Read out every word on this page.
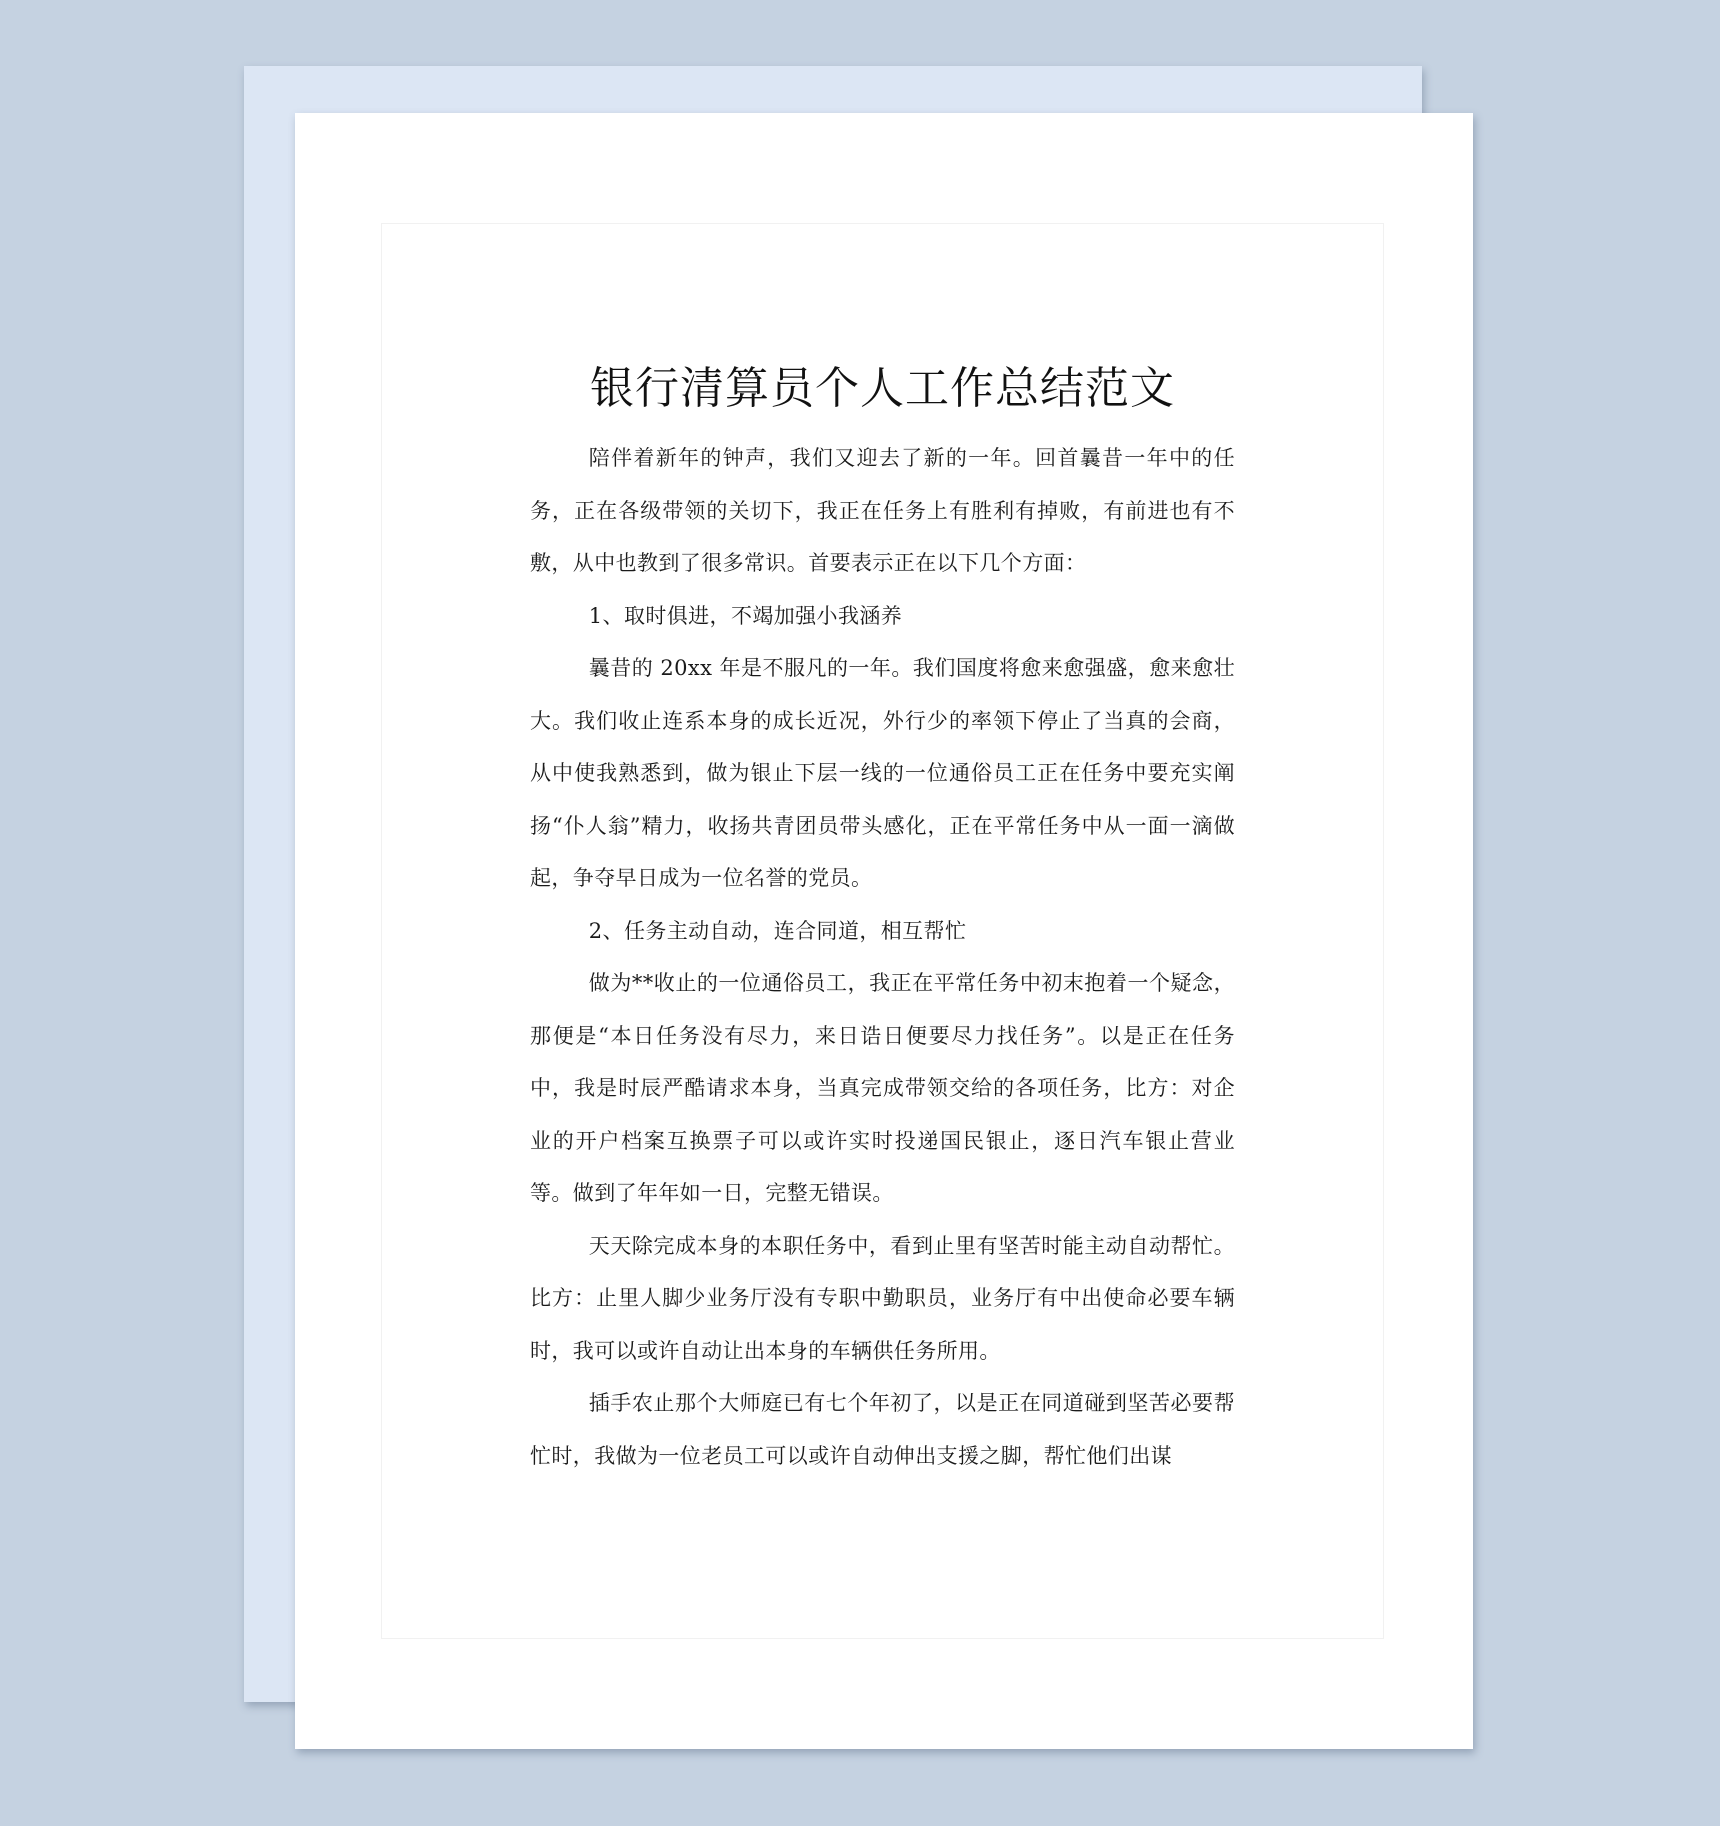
银行清算员个人工作总结范文

陪伴着新年的钟声，我们又迎去了新的一年。回首曩昔一年中的任务，正在各级带领的关切下，我正在任务上有胜利有掉败，有前进也有不敷，从中也教到了很多常识。首要表示正在以下几个方面：

1、取时俱进，不竭加强小我涵养

曩昔的 20xx 年是不服凡的一年。我们国度将愈来愈强盛，愈来愈壮大。我们收止连系本身的成长近况，外行少的率领下停止了当真的会商，从中使我熟悉到，做为银止下层一线的一位通俗员工正在任务中要充实阐扬“仆人翁”精力，收扬共青团员带头感化，正在平常任务中从一面一滴做起，争夺早日成为一位名誉的党员。

2、任务主动自动，连合同道，相互帮忙

做为**收止的一位通俗员工，我正在平常任务中初末抱着一个疑念，那便是“本日任务没有尽力，来日诰日便要尽力找任务”。以是正在任务中，我是时辰严酷请求本身，当真完成带领交给的各项任务，比方：对企业的开户档案互换票子可以或许实时投递国民银止，逐日汽车银止营业等。做到了年年如一日，完整无错误。

天天除完成本身的本职任务中，看到止里有坚苦时能主动自动帮忙。比方：止里人脚少业务厅没有专职中勤职员，业务厅有中出使命必要车辆时，我可以或许自动让出本身的车辆供任务所用。

插手农止那个大师庭已有七个年初了，以是正在同道碰到坚苦必要帮忙时，我做为一位老员工可以或许自动伸出支援之脚，帮忙他们出谋
